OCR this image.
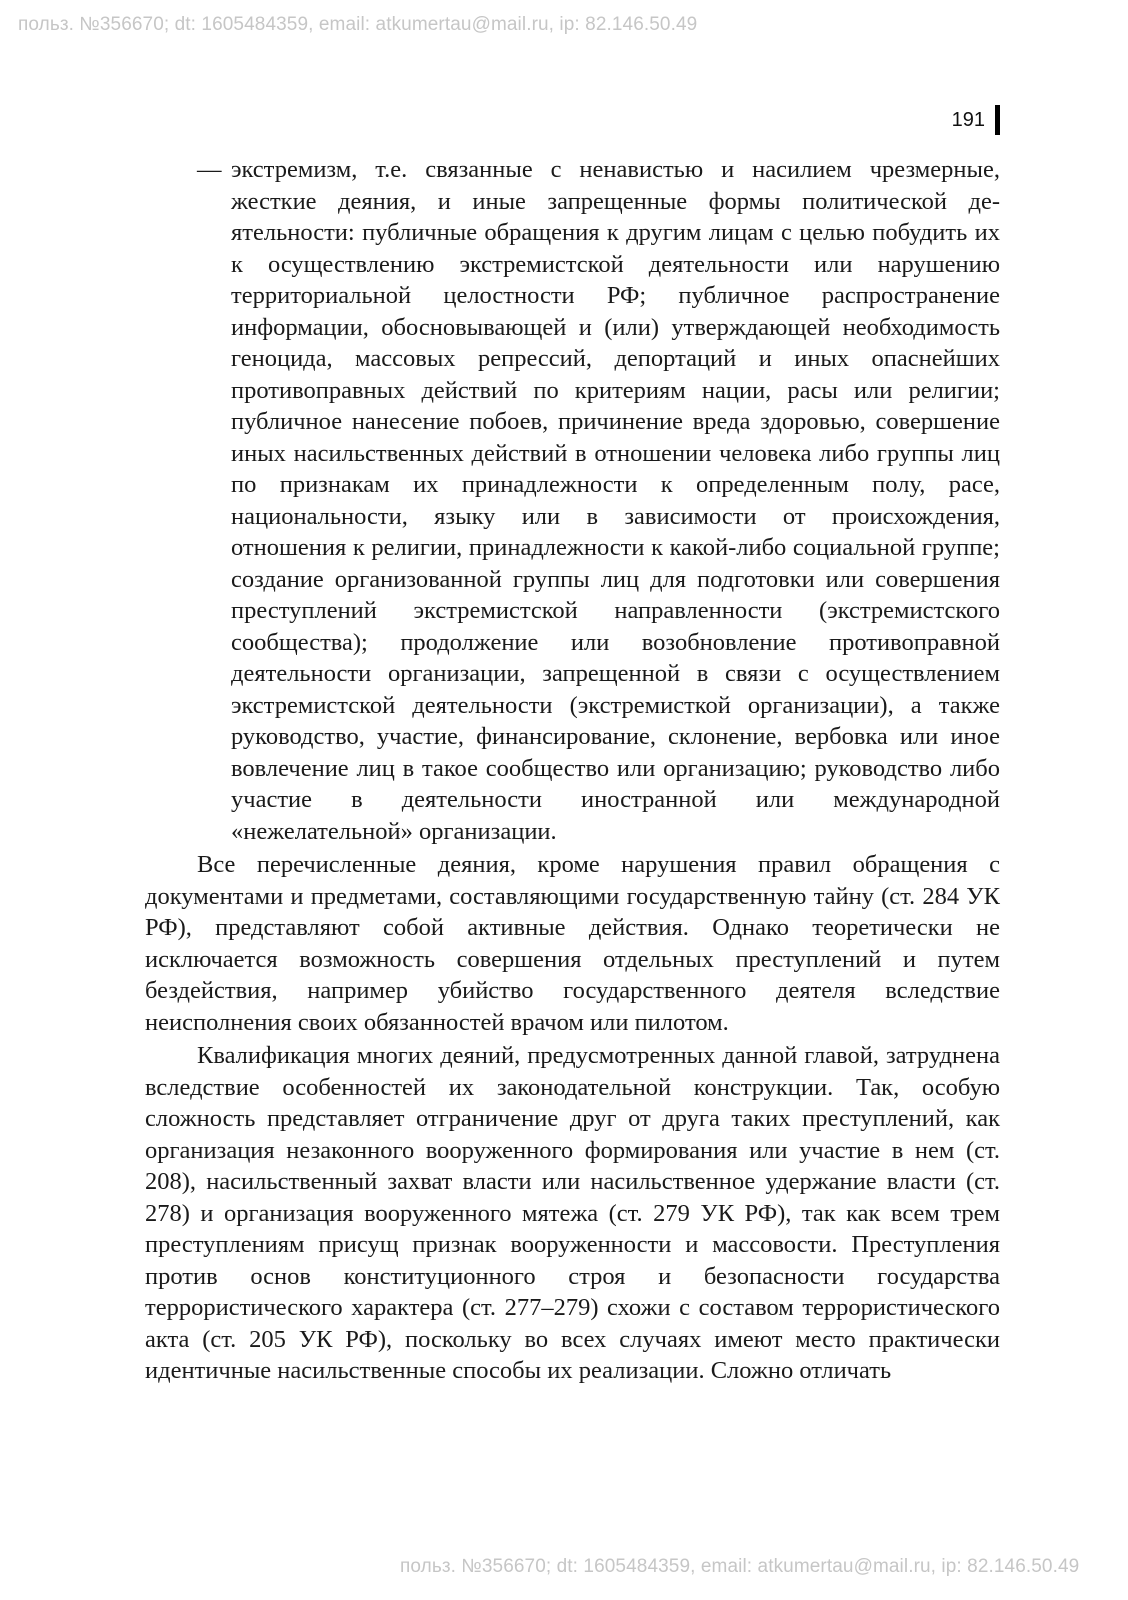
польз. №356670; dt: 1605484359, email: atkumertau@mail.ru, ip: 82.146.50.49
191

— экстремизм, т.е. связанные с ненавистью и насилием чрезмерные, жесткие деяния, и иные запрещенные формы политической деятельности: публичные обращения к другим лицам с целью побудить их к осуществлению экстремистской деятельности или нарушению территориальной целостности РФ; публичное распространение информации, обосновывающей и (или) утверждающей необходимость геноцида, массовых репрессий, депортаций и иных опаснейших противоправных действий по критериям нации, расы или религии; публичное нанесение побоев, причинение вреда здоровью, совершение иных насильственных действий в отношении человека либо группы лиц по признакам их принадлежности к определенным полу, расе, национальности, языку или в зависимости от происхождения, отношения к религии, принадлежности к какой-либо социальной группе; создание организованной группы лиц для подготовки или совершения преступлений экстремистской направленности (экстремистского сообщества); продолжение или возобновление противоправной деятельности организации, запрещенной в связи с осуществлением экстремистской деятельности (экстремисткой организации), а также руководство, участие, финансирование, склонение, вербовка или иное вовлечение лиц в такое сообщество или организацию; руководство либо участие в деятельности иностранной или международной «нежелательной» организации.

Все перечисленные деяния, кроме нарушения правил обращения с документами и предметами, составляющими государственную тайну (ст. 284 УК РФ), представляют собой активные действия. Однако теоретически не исключается возможность совершения отдельных преступлений и путем бездействия, например убийство государственного деятеля вследствие неисполнения своих обязанностей врачом или пилотом.

Квалификация многих деяний, предусмотренных данной главой, затруднена вследствие особенностей их законодательной конструкции. Так, особую сложность представляет отграничение друг от друга таких преступлений, как организация незаконного вооруженного формирования или участие в нем (ст. 208), насильственный захват власти или насильственное удержание власти (ст. 278) и организация вооруженного мятежа (ст. 279 УК РФ), так как всем трем преступлениям присущ признак вооруженности и массовости. Преступления против основ конституционного строя и безопасности государства террористического характера (ст. 277–279) схожи с составом террористического акта (ст. 205 УК РФ), поскольку во всех случаях имеют место практически идентичные насильственные способы их реализации. Сложно отличать

польз. №356670; dt: 1605484359, email: atkumertau@mail.ru, ip: 82.146.50.49
